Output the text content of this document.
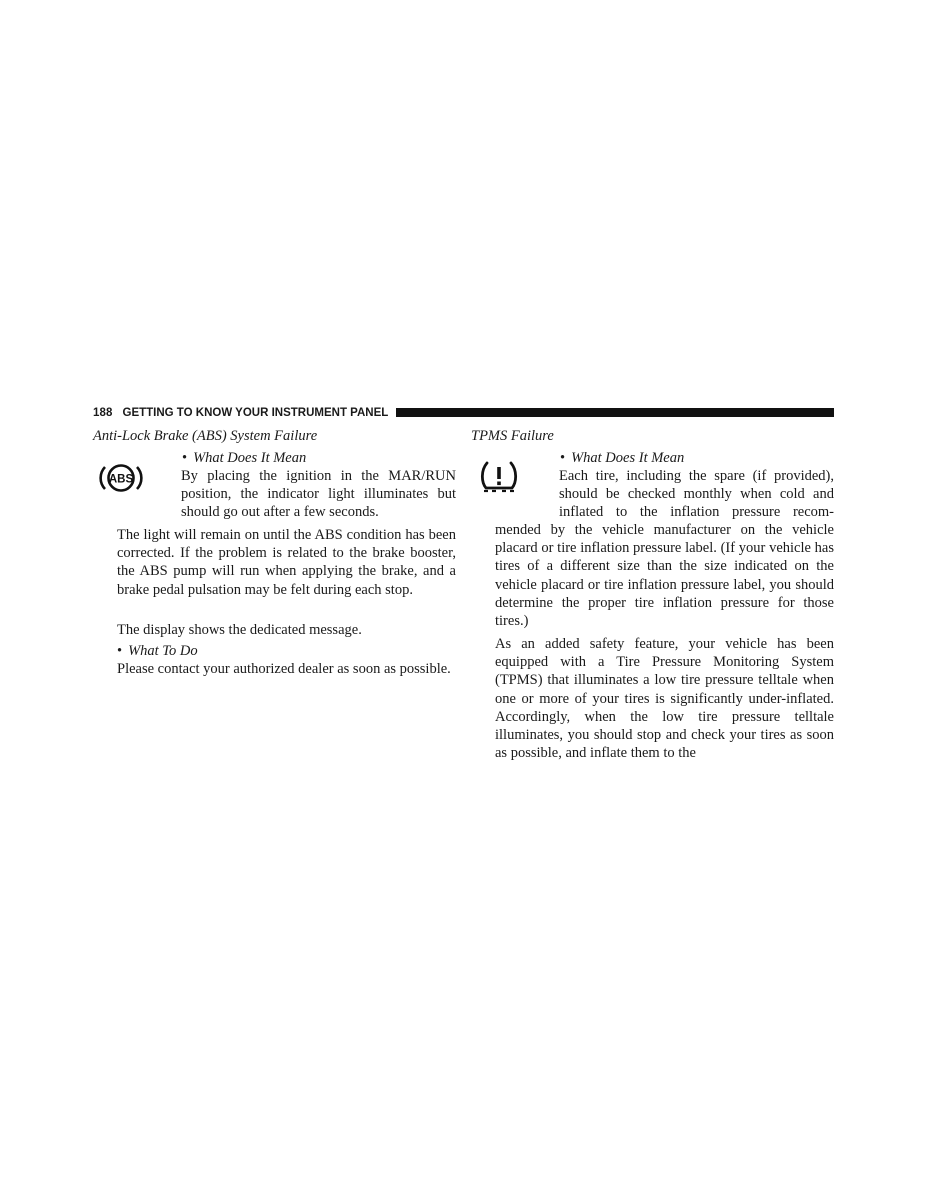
188 GETTING TO KNOW YOUR INSTRUMENT PANEL
Anti-Lock Brake (ABS) System Failure
ABS
• What Does It Mean

By placing the ignition in the MAR/RUN position, the indicator light illuminates but should go out after a few seconds.

The light will remain on until the ABS condition has been corrected. If the problem is related to the brake booster, the ABS pump will run when applying the brake, and a brake pedal pulsation may be felt during each stop.

The display shows the dedicated message.

• What To Do

Please contact your authorized dealer as soon as possible.

TPMS Failure
• What Does It Mean
Each tire, including the spare (if provided),
should be checked monthly when cold and
inflated to the inflation pressure recom-

mended by the vehicle manufacturer on the vehicle placard or tire inflation pressure label. (If your vehicle has tires of a different size than the size indicated on the vehicle placard or tire inflation pressure label, you should determine the proper tire inflation pressure for those tires.)

As an added safety feature, your vehicle has been equipped with a Tire Pressure Monitoring System (TPMS) that illuminates a low tire pressure telltale when one or more of your tires is significantly under-inflated. Accordingly, when the low tire pressure telltale illuminates, you should stop and check your tires as soon as possible, and inflate them to the
